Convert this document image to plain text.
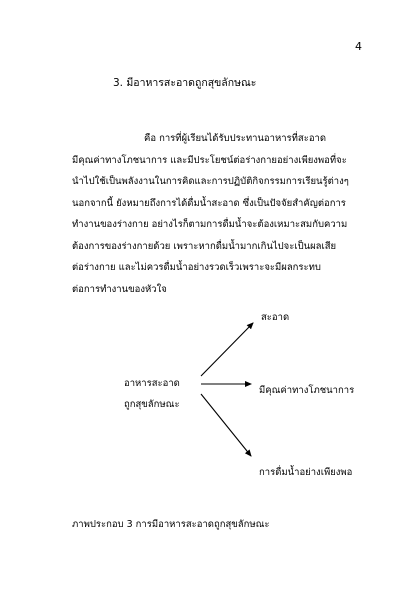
4
3. มีอาหารสะอาดถูกสุขลักษณะ
คือ การที่ผู้เรียนได้รับประทานอาหารที่สะอาด
มีคุณค่าทางโภชนาการ และมีประโยชน์ต่อร่างกายอย่างเพียงพอที่จะ
นำไปใช้เป็นพลังงานในการคิดและการปฏิบัติกิจกรรมการเรียนรู้ต่างๆ
นอกจากนี้ ยังหมายถึงการได้ดื่มน้ำสะอาด ซึ่งเป็นปัจจัยสำคัญต่อการ
ทำงานของร่างกาย อย่างไรก็ตามการดื่มน้ำจะต้องเหมาะสมกับความ
ต้องการของร่างกายด้วย เพราะหากดื่มน้ำมากเกินไปจะเป็นผลเสีย
ต่อร่างกาย และไม่ควรดื่มน้ำอย่างรวดเร็วเพราะจะมีผลกระทบ
ต่อการทำงานของหัวใจ
อาหารสะอาด
ถูกสุขลักษณะ
สะอาด
มีคุณค่าทางโภชนาการ
การดื่มน้ำอย่างเพียงพอ
ภาพประกอบ 3 การมีอาหารสะอาดถูกสุขลักษณะ
